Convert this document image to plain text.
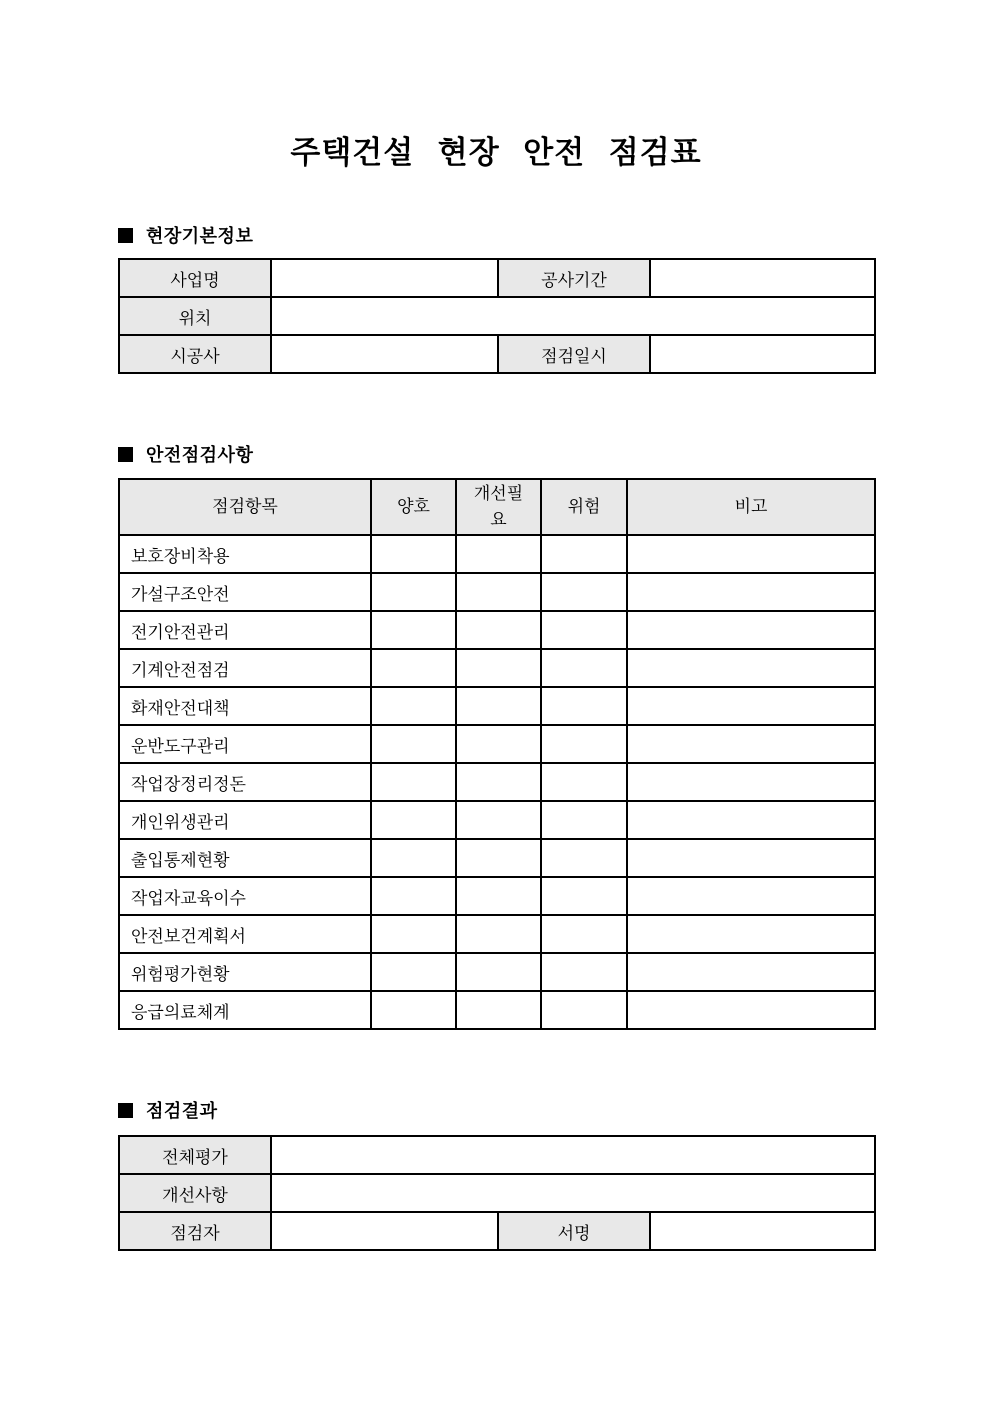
주택건설 현장 안전 점검표
현장기본정보
사업명		공사기간	
위치			
시공사		점검일시	
안전점검사항
점검항목	양호	개선필요	위험	비고
보호장비착용				
가설구조안전				
전기안전관리				
기계안전점검				
화재안전대책				
운반도구관리				
작업장정리정돈				
개인위생관리				
출입통제현황				
작업자교육이수				
안전보건계획서				
위험평가현황				
응급의료체계				
점검결과
전체평가			
개선사항			
점검자		서명	
